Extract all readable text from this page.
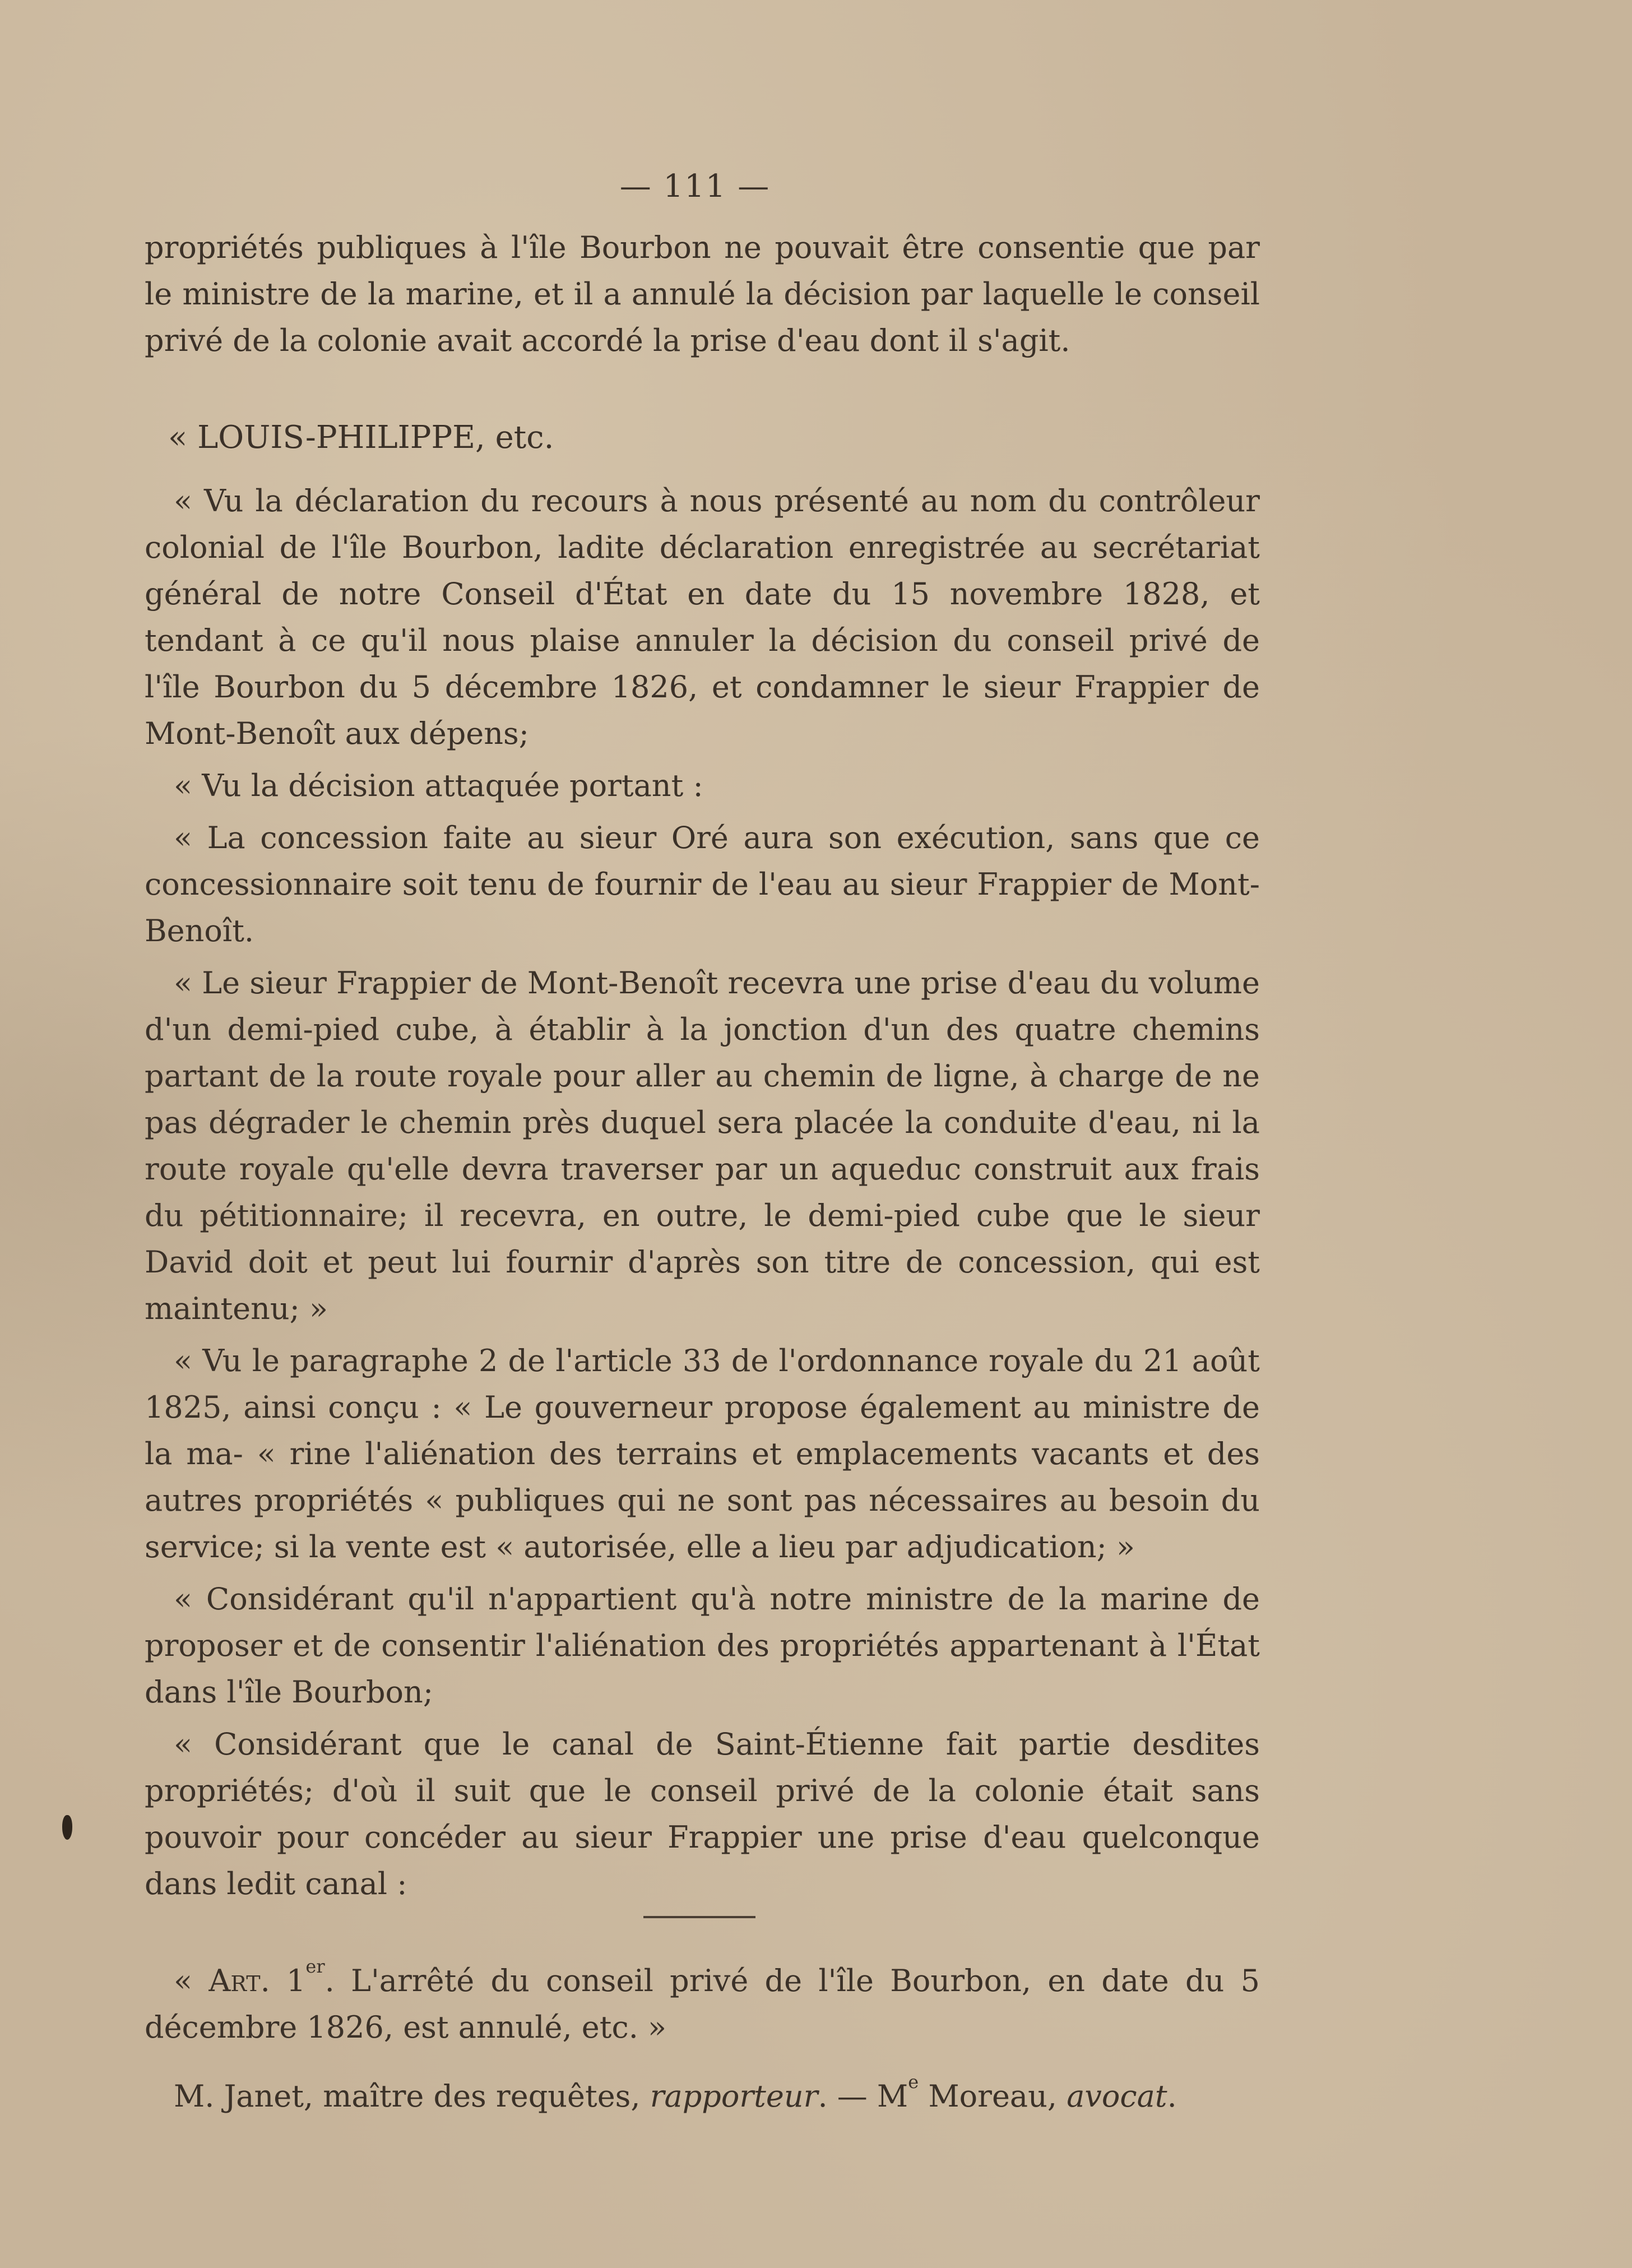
— 111 —

propriétés publiques à l'île Bourbon ne pouvait être consentie que par le ministre de la marine, et il a annulé la décision par laquelle le conseil privé de la colonie avait accordé la prise d'eau dont il s'agit.

« LOUIS-PHILIPPE, etc.

« Vu la déclaration du recours à nous présenté au nom du contrôleur colonial de l'île Bourbon, ladite déclaration enregistrée au secrétariat général de notre Conseil d'État en date du 15 novembre 1828, et tendant à ce qu'il nous plaise annuler la décision du conseil privé de l'île Bourbon du 5 décembre 1826, et condamner le sieur Frappier de Mont-Benoît aux dépens;

« Vu la décision attaquée portant :

« La concession faite au sieur Oré aura son exécution, sans que ce concessionnaire soit tenu de fournir de l'eau au sieur Frappier de Mont-Benoît.

« Le sieur Frappier de Mont-Benoît recevra une prise d'eau du volume d'un demi-pied cube, à établir à la jonction d'un des quatre chemins partant de la route royale pour aller au chemin de ligne, à charge de ne pas dégrader le chemin près duquel sera placée la conduite d'eau, ni la route royale qu'elle devra traverser par un aqueduc construit aux frais du pétitionnaire; il recevra, en outre, le demi-pied cube que le sieur David doit et peut lui fournir d'après son titre de concession, qui est maintenu; »

« Vu le paragraphe 2 de l'article 33 de l'ordonnance royale du 21 août 1825, ainsi conçu : « Le gouverneur propose également au ministre de la ma- « rine l'aliénation des terrains et emplacements vacants et des autres propriétés « publiques qui ne sont pas nécessaires au besoin du service; si la vente est « autorisée, elle a lieu par adjudication; »

« Considérant qu'il n'appartient qu'à notre ministre de la marine de proposer et de consentir l'aliénation des propriétés appartenant à l'État dans l'île Bourbon;

« Considérant que le canal de Saint-Étienne fait partie desdites propriétés; d'où il suit que le conseil privé de la colonie était sans pouvoir pour concéder au sieur Frappier une prise d'eau quelconque dans ledit canal :

« Art. 1er. L'arrêté du conseil privé de l'île Bourbon, en date du 5 décembre 1826, est annulé, etc. »

M. Janet, maître des requêtes, rapporteur. — Me Moreau, avocat.
